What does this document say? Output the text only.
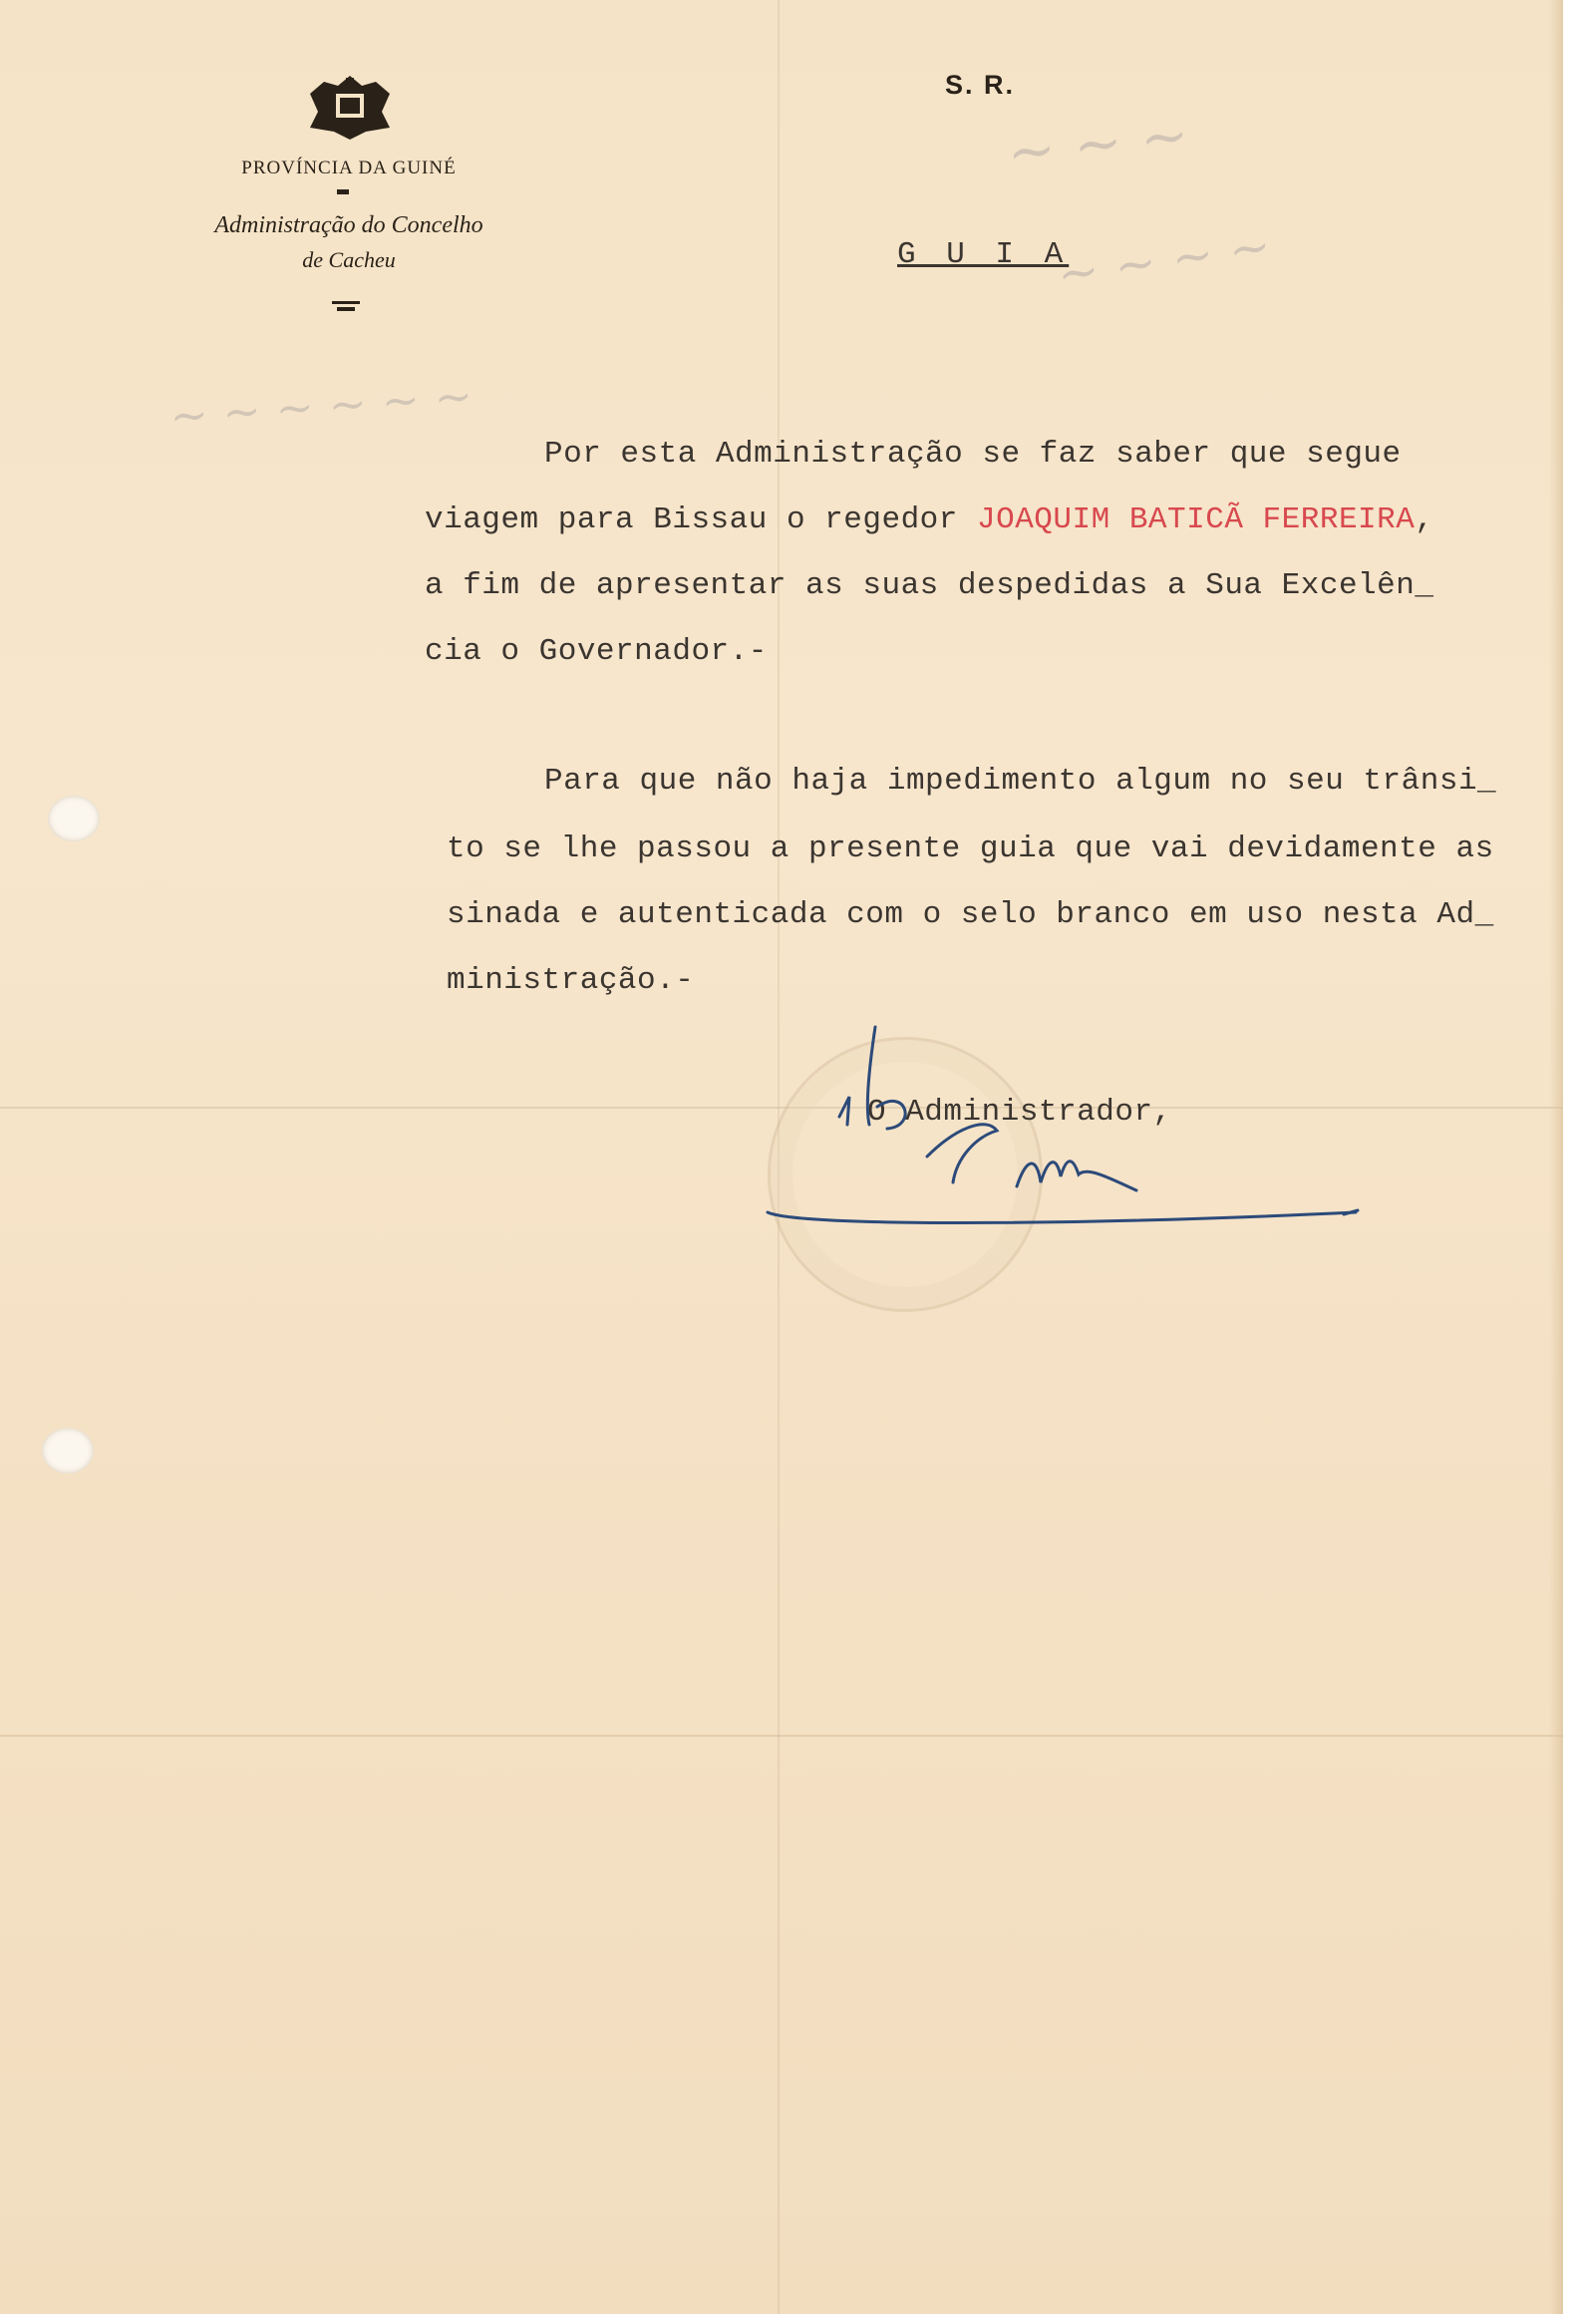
~ ~ ~
~ ~ ~ ~
~ ~ ~ ~ ~ ~
PROVÍNCIA DA GUINÉ
Administração do Concelho
de Cacheu
S. R.
G U I A
Por esta Administração se faz saber que segue
viagem para Bissau o regedor JOAQUIM BATICÃ FERREIRA,
a fim de apresentar as suas despedidas a Sua Excelên_
cia o Governador.-
Para que não haja impedimento algum no seu trânsi_
to se lhe passou a presente guia que vai devidamente as
sinada e autenticada com o selo branco em uso nesta Ad_
ministração.-
O Administrador,
